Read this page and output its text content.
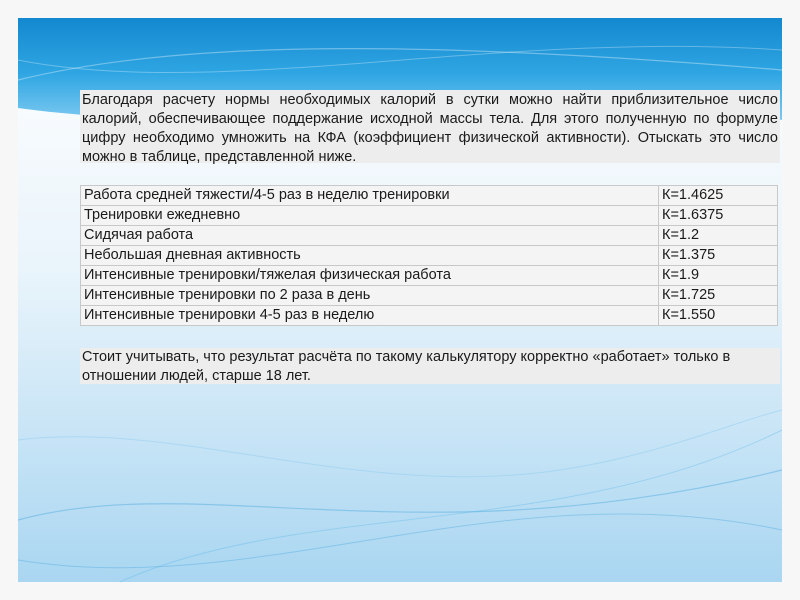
Благодаря расчету нормы необходимых калорий в сутки можно найти приблизительное число калорий, обеспечивающее поддержание исходной массы тела. Для этого полученную по формуле цифру необходимо умножить на КФА (коэффициент физической активности). Отыскать это число можно в таблице, представленной ниже.

Работа средней тяжести/4-5 раз в неделю тренировки	К=1.4625
Тренировки ежедневно	К=1.6375
Сидячая работа	К=1.2
Небольшая дневная активность	К=1.375
Интенсивные тренировки/тяжелая физическая работа	К=1.9
Интенсивные тренировки по 2 раза в день	К=1.725
Интенсивные тренировки 4-5 раз в неделю	К=1.550

Стоит учитывать, что результат расчёта по такому калькулятору корректно «работает» только в отношении людей, старше 18 лет.
